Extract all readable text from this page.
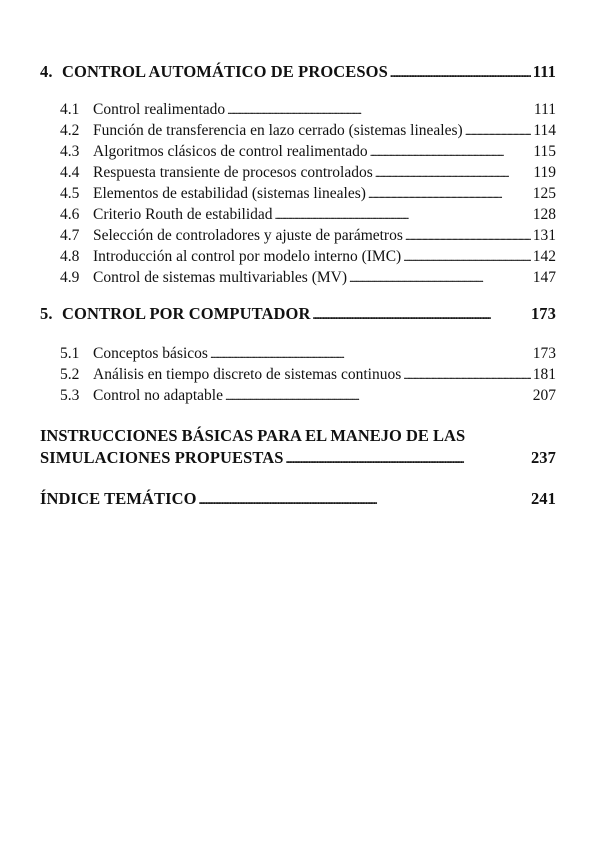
4. CONTROL AUTOMÁTICO DE PROCESOS . . .	111
4.1 Control realimentado . . .	111
4.2 Función de transferencia en lazo cerrado (sistemas lineales) . . .	114
4.3 Algoritmos clásicos de control realimentado . . .	115
4.4 Respuesta transiente de procesos controlados . . .	119
4.5 Elementos de estabilidad (sistemas lineales) . . .	125
4.6 Criterio Routh de estabilidad . . .	128
4.7 Selección de controladores y ajuste de parámetros . . .	131
4.8 Introducción al control por modelo interno (IMC) . . .	142
4.9 Control de sistemas multivariables (MV) . . .	147
5. CONTROL POR COMPUTADOR . . .	173
5.1 Conceptos básicos . . .	173
5.2 Análisis en tiempo discreto de sistemas continuos . . .	181
5.3 Control no adaptable . . .	207
INSTRUCCIONES BÁSICAS PARA EL MANEJO DE LAS
SIMULACIONES PROPUESTAS . . .	237
ÍNDICE TEMÁTICO . . .	241
